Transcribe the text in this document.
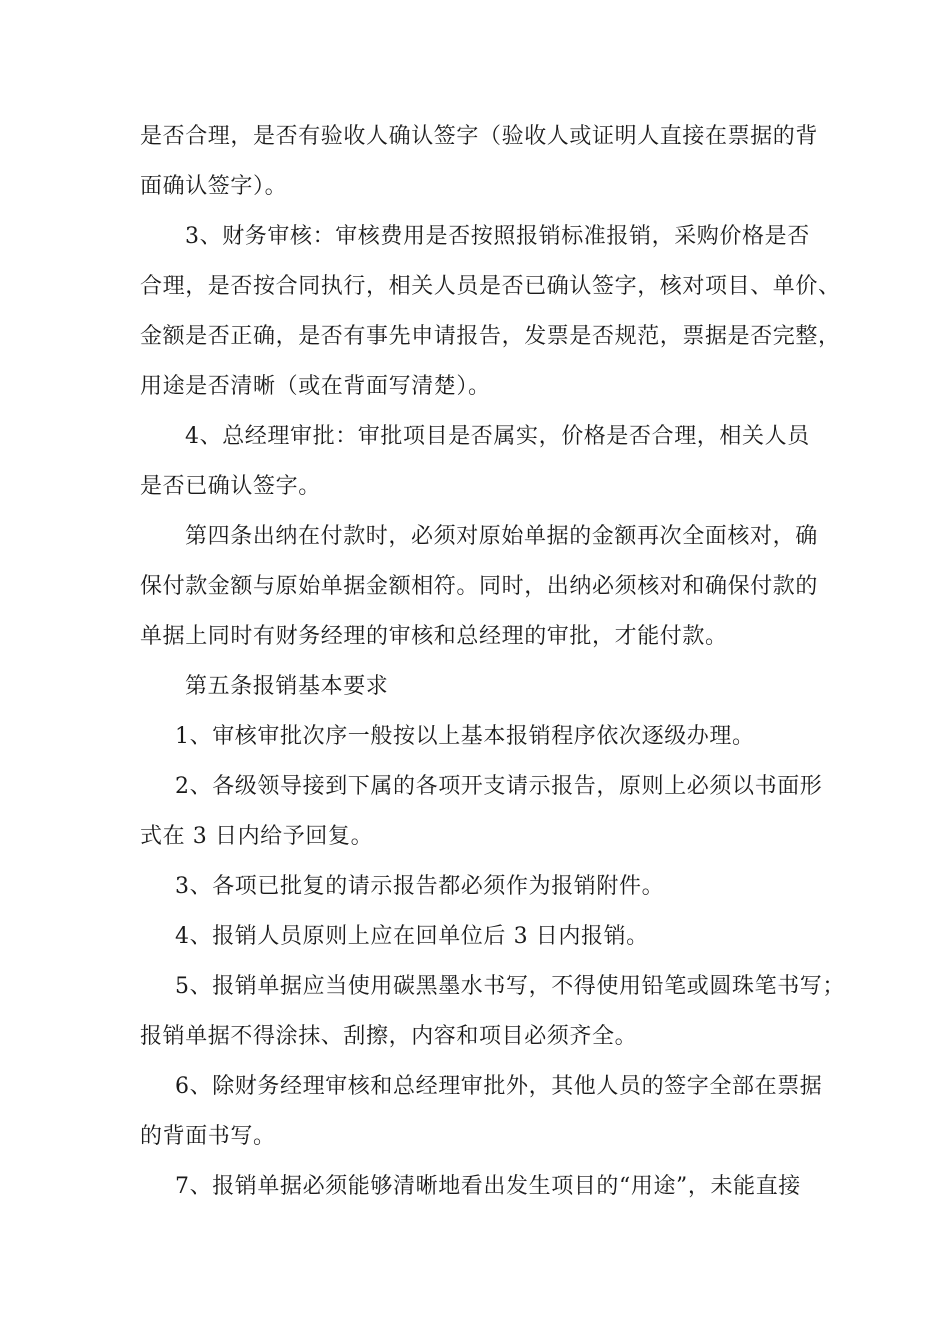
是否合理，是否有验收人确认签字（验收人或证明人直接在票据的背
面确认签字）。
3、财务审核：审核费用是否按照报销标准报销，采购价格是否
合理，是否按合同执行，相关人员是否已确认签字，核对项目、单价、
金额是否正确，是否有事先申请报告，发票是否规范，票据是否完整，
用途是否清晰（或在背面写清楚）。
4、总经理审批：审批项目是否属实，价格是否合理，相关人员
是否已确认签字。
第四条出纳在付款时，必须对原始单据的金额再次全面核对，确
保付款金额与原始单据金额相符。同时，出纳必须核对和确保付款的
单据上同时有财务经理的审核和总经理的审批，才能付款。
第五条报销基本要求
1、审核审批次序一般按以上基本报销程序依次逐级办理。
2、各级领导接到下属的各项开支请示报告，原则上必须以书面形
式在 3 日内给予回复。
3、各项已批复的请示报告都必须作为报销附件。
4、报销人员原则上应在回单位后 3 日内报销。
5、报销单据应当使用碳黑墨水书写，不得使用铅笔或圆珠笔书写；
报销单据不得涂抹、刮擦，内容和项目必须齐全。
6、除财务经理审核和总经理审批外，其他人员的签字全部在票据
的背面书写。
7、报销单据必须能够清晰地看出发生项目的“用途”，未能直接
